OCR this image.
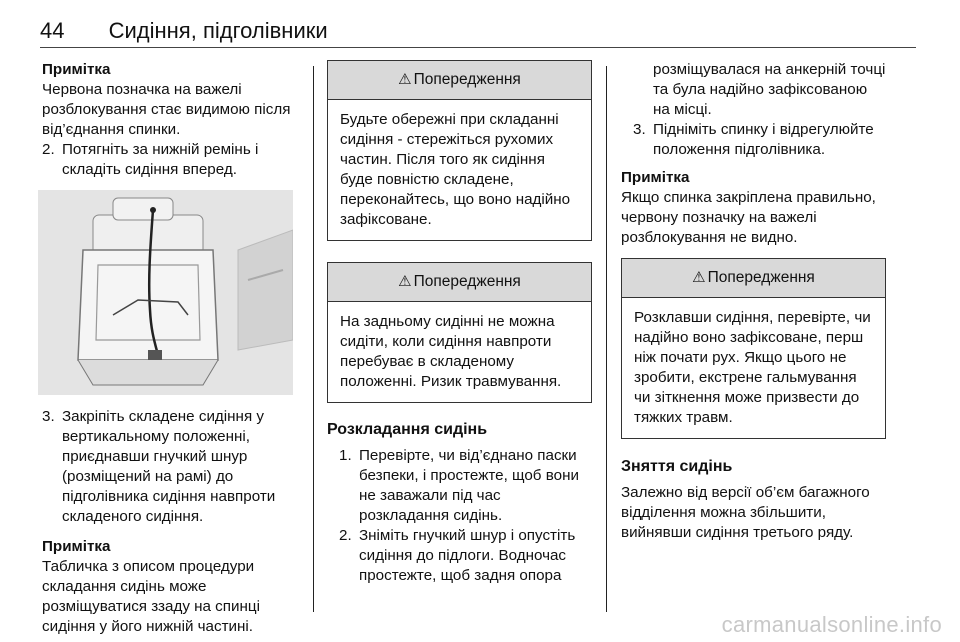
44 Сидіння, підголівники

Примітка

Червона позначка на важелі розблокування стає видимою після від’єднання спинки.

2. Потягніть за нижній ремінь і складіть сидіння вперед.
3. Закріпіть складене сидіння у вертикальному положенні, приєднавши гнучкий шнур (розміщений на рамі) до підголівника сидіння навпроти складеного сидіння.

Примітка

Табличка з описом процедури складання сидінь може розміщуватися ззаду на спинці сидіння у його нижній частині.

⚠ Попередження
Будьте обережні при складанні сидіння - стережіться рухомих частин. Після того як сидіння буде повністю складене, переконайтесь, що воно надійно зафіксоване.
⚠ Попередження
На задньому сидінні не можна сидіти, коли сидіння навпроти перебуває в складеному положенні. Ризик травмування.
Розкладання сидінь
1. Перевірте, чи від’єднано паски безпеки, і простежте, щоб вони не заважали під час розкладання сидінь.
2. Зніміть гнучкий шнур і опустіть сидіння до підлоги. Водночас простежте, щоб задня опора
розміщувалася на анкерній точці та була надійно зафіксованою на місці.
3. Підніміть спинку і відрегулюйте положення підголівника.

Примітка

Якщо спинка закріплена правильно, червону позначку на важелі розблокування не видно.

⚠ Попередження
Розклавши сидіння, перевірте, чи надійно воно зафіксоване, перш ніж почати рух. Якщо цього не зробити, екстрене гальмування чи зіткнення може призвести до тяжких травм.
Зняття сидінь

Залежно від версії об’єм багажного відділення можна збільшити, вийнявши сидіння третього ряду.

carmanualsonline.info
